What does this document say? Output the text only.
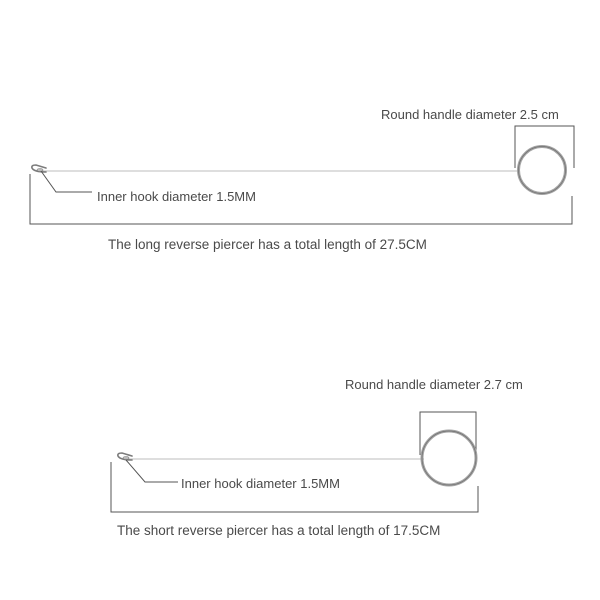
Round handle diameter 2.5 cm
Inner hook diameter 1.5MM
The long reverse piercer has a total length of 27.5CM
Round handle diameter 2.7 cm
Inner hook diameter 1.5MM
The short reverse piercer has a total length of 17.5CM
